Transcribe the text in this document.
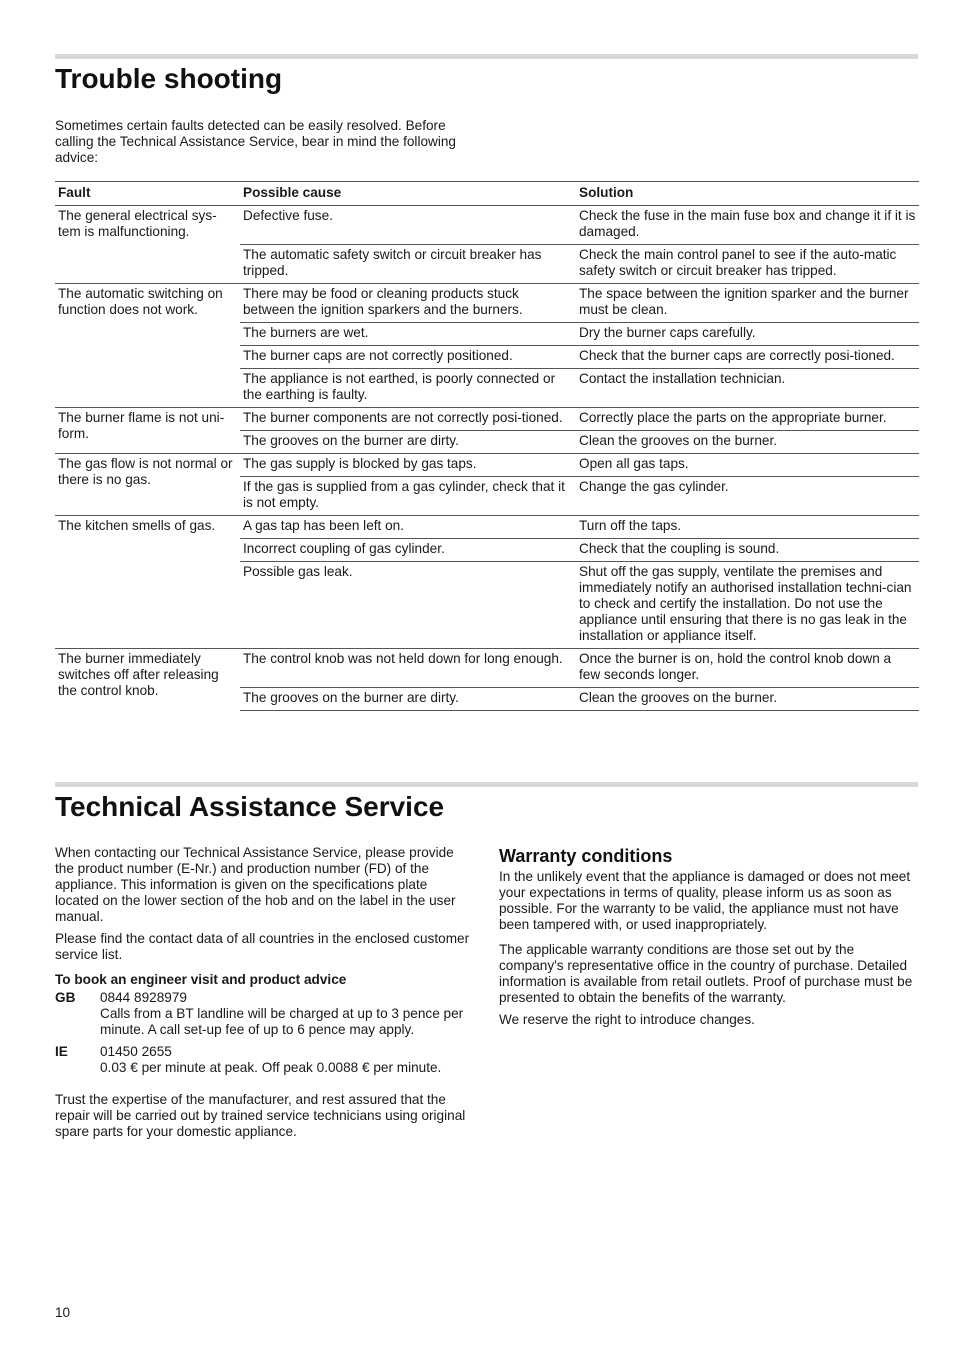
Trouble shooting

Sometimes certain faults detected can be easily resolved. Before calling the Technical Assistance Service, bear in mind the following advice:

Fault	Possible cause	Solution
The general electrical sys-tem is malfunctioning.	Defective fuse.	Check the fuse in the main fuse box and change it if it is damaged.
	The automatic safety switch or circuit breaker has tripped.	Check the main control panel to see if the auto-matic safety switch or circuit breaker has tripped.
The automatic switching on function does not work.	There may be food or cleaning products stuck between the ignition sparkers and the burners.	The space between the ignition sparker and the burner must be clean.
	The burners are wet.	Dry the burner caps carefully.
	The burner caps are not correctly positioned.	Check that the burner caps are correctly posi-tioned.
	The appliance is not earthed, is poorly connected or the earthing is faulty.	Contact the installation technician.
The burner flame is not uni-form.	The burner components are not correctly posi-tioned.	Correctly place the parts on the appropriate burner.
	The grooves on the burner are dirty.	Clean the grooves on the burner.
The gas flow is not normal or there is no gas.	The gas supply is blocked by gas taps.	Open all gas taps.
	If the gas is supplied from a gas cylinder, check that it is not empty.	Change the gas cylinder.
The kitchen smells of gas.	A gas tap has been left on.	Turn off the taps.
	Incorrect coupling of gas cylinder.	Check that the coupling is sound.
	Possible gas leak.	Shut off the gas supply, ventilate the premises and immediately notify an authorised installation techni-cian to check and certify the installation. Do not use the appliance until ensuring that there is no gas leak in the installation or appliance itself.
The burner immediately switches off after releasing the control knob.	The control knob was not held down for long enough.	Once the burner is on, hold the control knob down a few seconds longer.
	The grooves on the burner are dirty.	Clean the grooves on the burner.
Technical Assistance Service

When contacting our Technical Assistance Service, please provide the product number (E-Nr.) and production number (FD) of the appliance. This information is given on the specifications plate located on the lower section of the hob and on the label in the user manual.

Please find the contact data of all countries in the enclosed customer service list.

To book an engineer visit and product advice
GB	0844 8928979
Calls from a BT landline will be charged at up to 3 pence per minute. A call set-up fee of up to 6 pence may apply.
IE	01450 2655
0.03 € per minute at peak. Off peak 0.0088 € per minute.

Trust the expertise of the manufacturer, and rest assured that the repair will be carried out by trained service technicians using original spare parts for your domestic appliance.

Warranty conditions

In the unlikely event that the appliance is damaged or does not meet your expectations in terms of quality, please inform us as soon as possible. For the warranty to be valid, the appliance must not have been tampered with, or used inappropriately.

The applicable warranty conditions are those set out by the company's representative office in the country of purchase. Detailed information is available from retail outlets. Proof of purchase must be presented to obtain the benefits of the warranty.

We reserve the right to introduce changes.

10
